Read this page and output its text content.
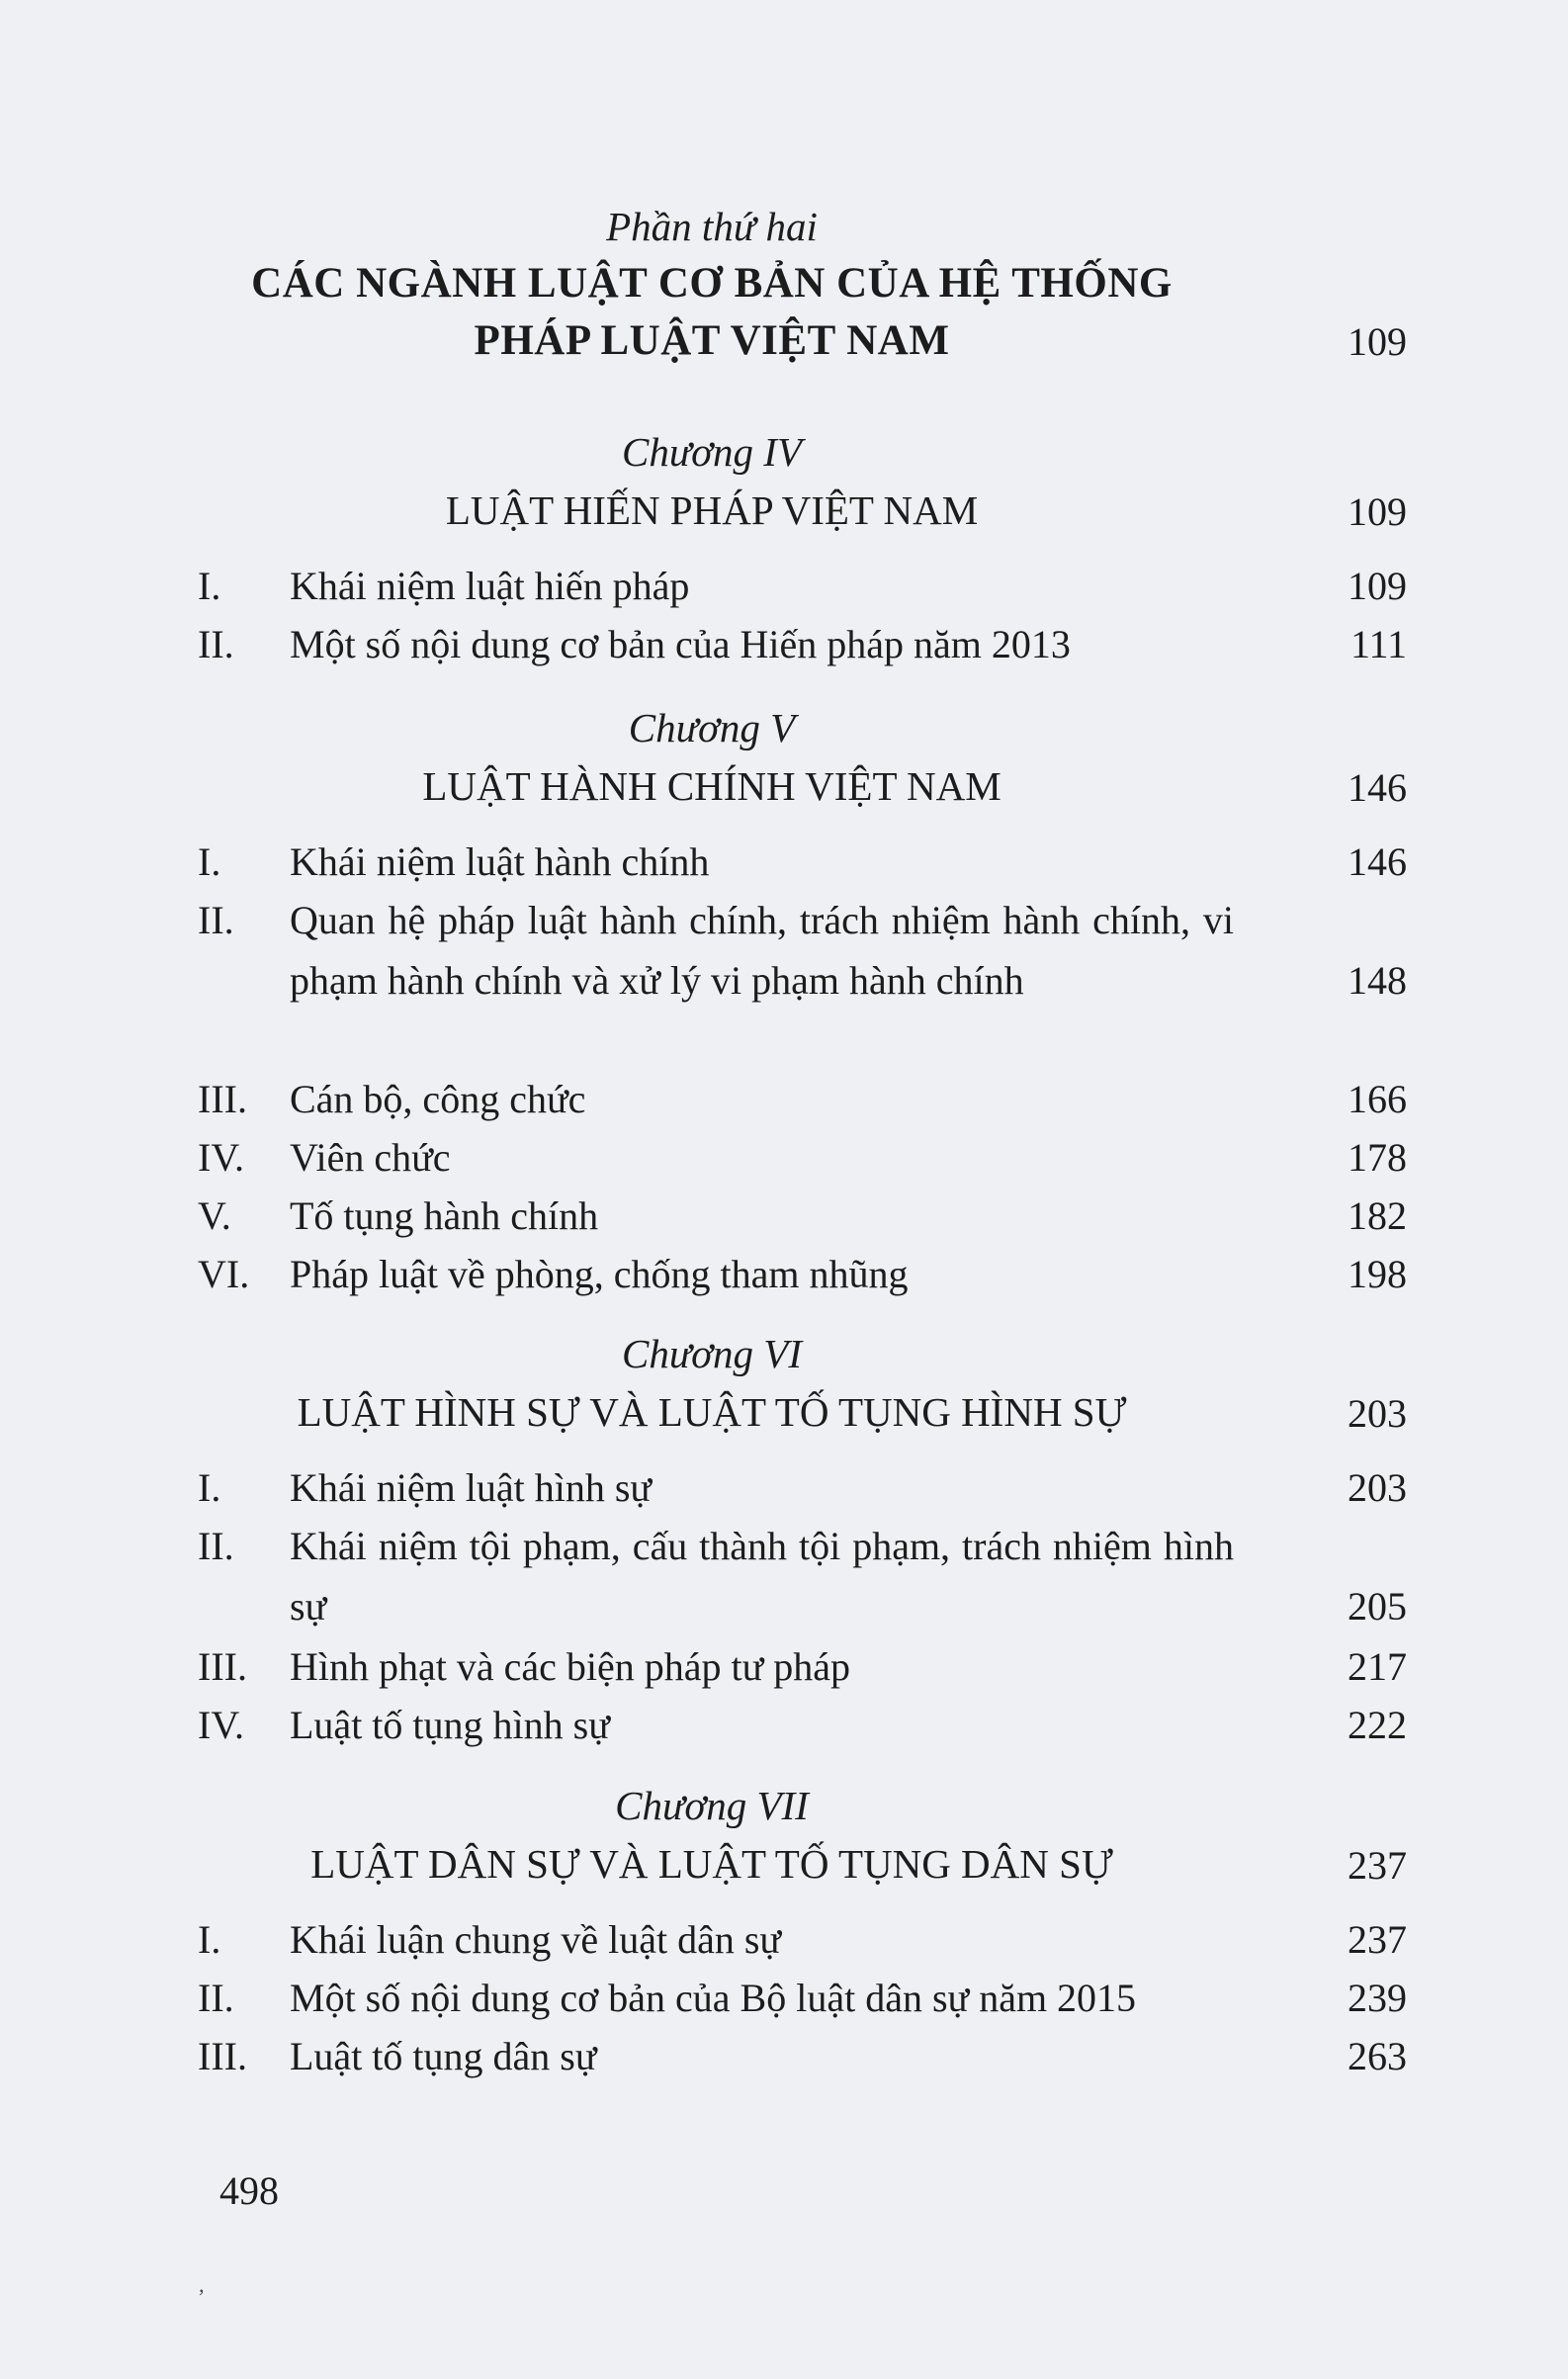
Phần thứ hai
CÁC NGÀNH LUẬT CƠ BẢN CỦA HỆ THỐNG
PHÁP LUẬT VIỆT NAM	109
Chương IV
LUẬT HIẾN PHÁP VIỆT NAM	109
I.	Khái niệm luật hiến pháp	109
II.	Một số nội dung cơ bản của Hiến pháp năm 2013	111
Chương V
LUẬT HÀNH CHÍNH VIỆT NAM	146
I.	Khái niệm luật hành chính	146
II.	Quan hệ pháp luật hành chính, trách nhiệm hành chính, vi phạm hành chính và xử lý vi phạm hành chính	148
III.	Cán bộ, công chức	166
IV.	Viên chức	178
V.	Tố tụng hành chính	182
VI.	Pháp luật về phòng, chống tham nhũng	198
Chương VI
LUẬT HÌNH SỰ VÀ LUẬT TỐ TỤNG HÌNH SỰ	203
I.	Khái niệm luật hình sự	203
II.	Khái niệm tội phạm, cấu thành tội phạm, trách nhiệm hình sự	205
III.	Hình phạt và các biện pháp tư pháp	217
IV.	Luật tố tụng hình sự	222
Chương VII
LUẬT DÂN SỰ VÀ LUẬT TỐ TỤNG DÂN SỰ	237
I.	Khái luận chung về luật dân sự	237
II.	Một số nội dung cơ bản của Bộ luật dân sự năm 2015	239
III.	Luật tố tụng dân sự	263
498
‚
